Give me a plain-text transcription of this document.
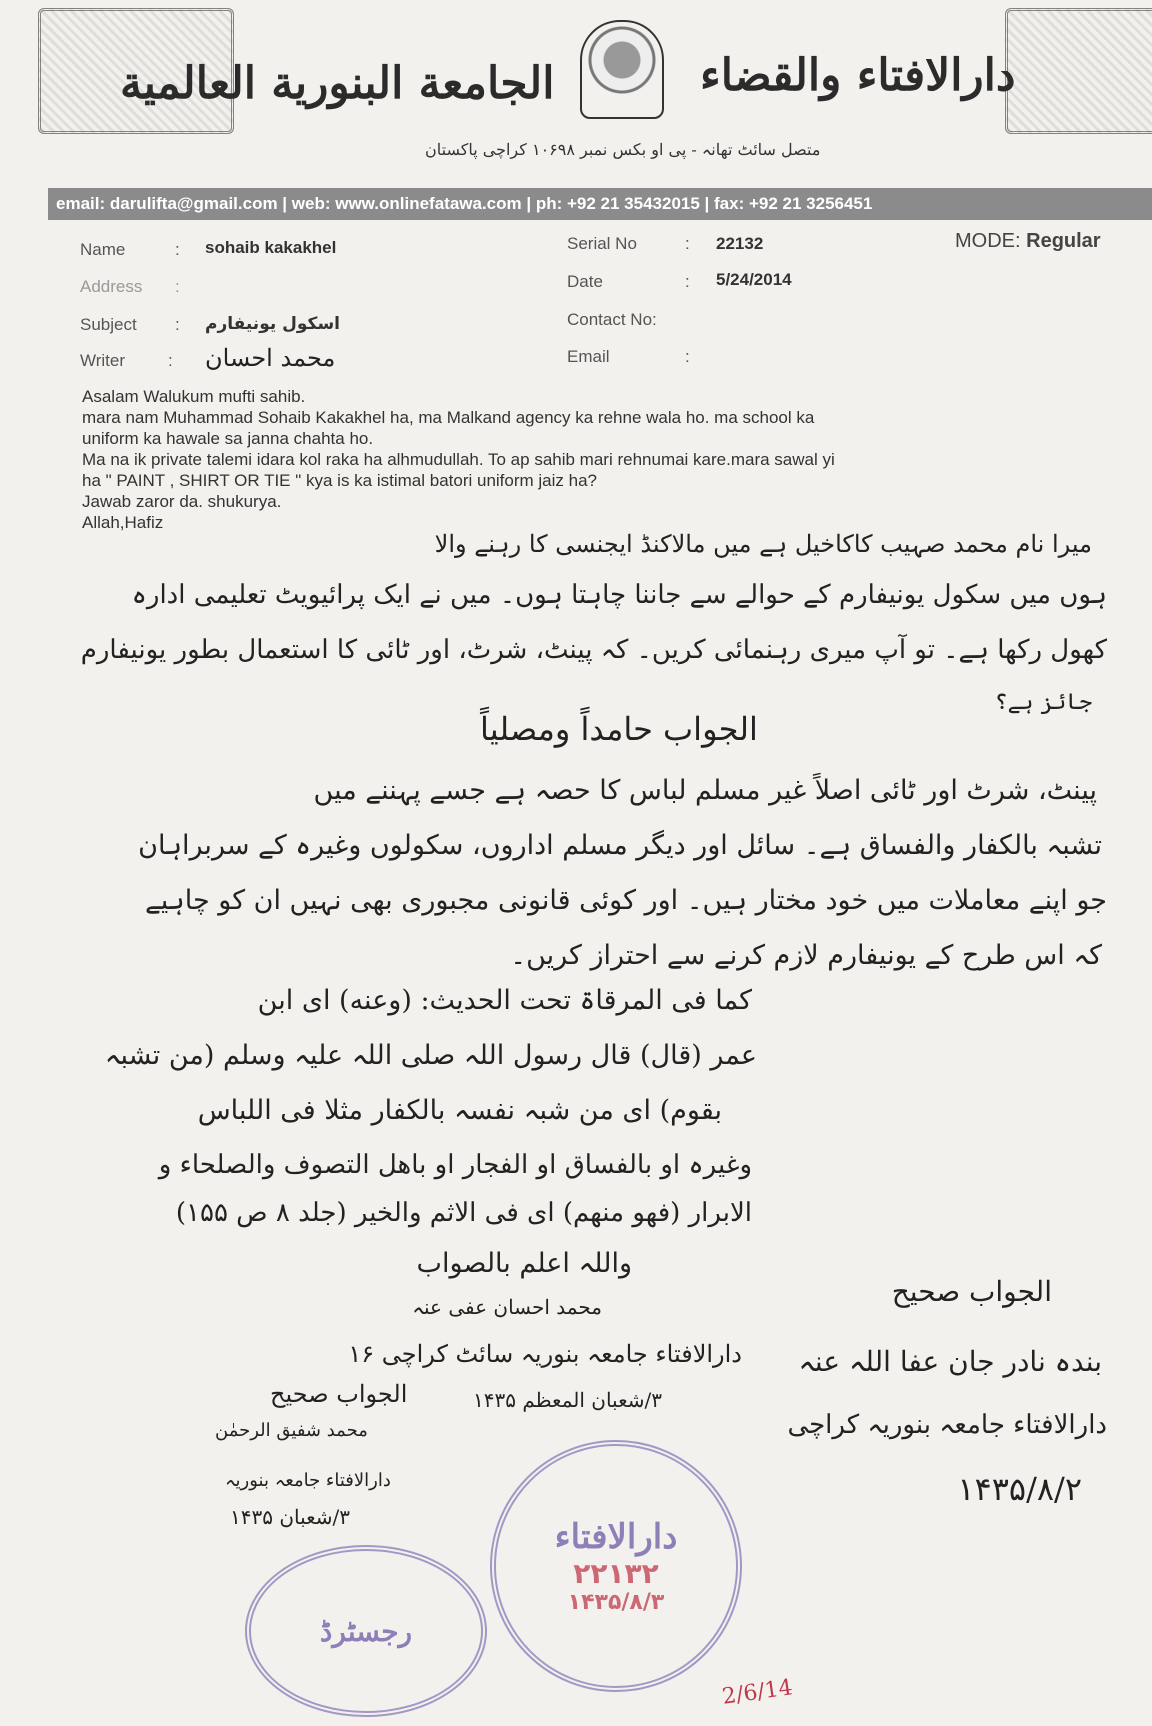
الجامعة البنورية العالمية	دارالافتاء والقضاء
متصل سائٹ تھانہ - پی او بکس نمبر ۱۰۶۹۸ کراچی پاکستان
email: darulifta@gmail.com | web: www.onlinefatawa.com | ph: +92 21 35432015 | fax: +92 21 3256451
Name	: sohaib kakakhel
Address :
Subject : اسکول یونیفارم
Writer	: محمد احسان
Serial No	: 22132
Date	: 5/24/2014
Contact No:
Email	:
MODE: Regular
Asalam Walukum mufti sahib.
mara nam Muhammad Sohaib Kakakhel ha, ma Malkand agency ka rehne wala ho. ma school ka
uniform ka hawale sa janna chahta ho.
Ma na ik private talemi idara kol raka ha alhmudullah. To ap sahib mari rehnumai kare.mara sawal yi
ha " PAINT , SHIRT OR TIE " kya is ka istimal batori uniform jaiz ha?
Jawab zaror da. shukurya.
Allah,Hafiz
میرا نام محمد صہیب کاکاخیل ہے میں مالاکنڈ ایجنسی کا رہنے والا
ہوں میں سکول یونیفارم کے حوالے سے جاننا چاہتا ہوں۔ میں نے ایک پرائیویٹ تعلیمی ادارہ
کھول رکھا ہے۔ تو آپ میری رہنمائی کریں۔ کہ پینٹ، شرٹ، اور ٹائی کا استعمال بطور یونیفارم
جائز ہے؟
الجواب حامداً ومصلیاً
پینٹ، شرٹ اور ٹائی اصلاً غیر مسلم لباس کا حصہ ہے جسے پہننے میں
تشبہ بالکفار والفساق ہے۔ سائل اور دیگر مسلم اداروں، سکولوں وغیرہ کے سربراہان
جو اپنے معاملات میں خود مختار ہیں۔ اور کوئی قانونی مجبوری بھی نہیں ان کو چاہیے
کہ اس طرح کے یونیفارم لازم کرنے سے احتراز کریں۔
کما فی المرقاۃ تحت الحدیث: (وعنه) ای ابن
عمر (قال) قال رسول اللہ صلی اللہ علیہ وسلم (من تشبہ
بقوم) ای من شبہ نفسہ بالکفار مثلا فی اللباس
وغیرہ او بالفساق او الفجار او باھل التصوف والصلحاء و
الابرار (فھو منھم) ای فی الاثم والخیر (جلد ۸ ص ۱۵۵)
واللہ اعلم بالصواب
محمد احسان عفی عنہ
دارالافتاء جامعہ بنوریہ سائٹ کراچی ۱۶
۳/شعبان المعظم ۱۴۳۵
الجواب صحیح
بندہ نادر جان عفا اللہ عنہ
دارالافتاء جامعہ بنوریہ کراچی
۱۴۳۵/۸/۲
الجواب صحیح
محمد شفیق الرحمٰن
دارالافتاء جامعہ بنوریہ
۳/شعبان ۱۴۳۵	دارالافتاء
۲۲۱۳۲
۱۴۳۵/۸/۳
رجسٹرڈ
2/6/14
